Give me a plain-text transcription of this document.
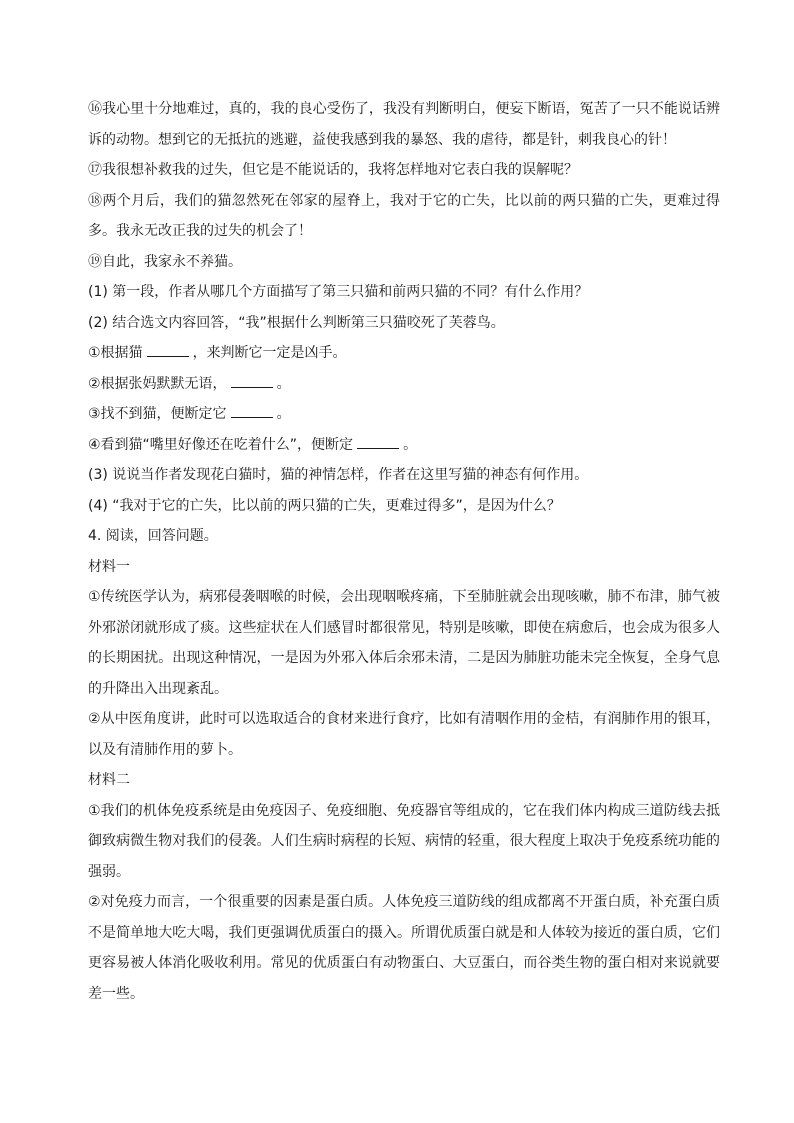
⑯我心里十分地难过，真的，我的良心受伤了，我没有判断明白，便妄下断语，冤苦了一只不能说话辨诉的动物。想到它的无抵抗的逃避，益使我感到我的暴怒、我的虐待，都是针，刺我良心的针！

⑰我很想补救我的过失，但它是不能说话的，我将怎样地对它表白我的误解呢？

⑱两个月后，我们的猫忽然死在邻家的屋脊上，我对于它的亡失，比以前的两只猫的亡失，更难过得多。我永无改正我的过失的机会了！

⑲自此，我家永不养猫。

(1) 第一段，作者从哪几个方面描写了第三只猫和前两只猫的不同？有什么作用？

(2) 结合选文内容回答，“我”根据什么判断第三只猫咬死了芙蓉鸟。

①根据猫	，来判断它一定是凶手。

②根据张妈默默无语，	。

③找不到猫，便断定它	。

④看到猫“嘴里好像还在吃着什么”，便断定	。

(3) 说说当作者发现花白猫时，猫的神情怎样，作者在这里写猫的神态有何作用。

(4) “我对于它的亡失，比以前的两只猫的亡失，更难过得多”，是因为什么？

4. 阅读，回答问题。

材料一

①传统医学认为，病邪侵袭咽喉的时候，会出现咽喉疼痛，下至肺脏就会出现咳嗽，肺不布津，肺气被外邪淤闭就形成了痰。这些症状在人们感冒时都很常见，特别是咳嗽，即使在病愈后，也会成为很多人的长期困扰。出现这种情况，一是因为外邪入体后余邪未清，二是因为肺脏功能未完全恢复，全身气息的升降出入出现紊乱。

②从中医角度讲，此时可以选取适合的食材来进行食疗，比如有清咽作用的金桔，有润肺作用的银耳，以及有清肺作用的萝卜。

材料二

①我们的机体免疫系统是由免疫因子、免疫细胞、免疫器官等组成的，它在我们体内构成三道防线去抵御致病微生物对我们的侵袭。人们生病时病程的长短、病情的轻重，很大程度上取决于免疫系统功能的强弱。

②对免疫力而言，一个很重要的因素是蛋白质。人体免疫三道防线的组成都离不开蛋白质，补充蛋白质不是简单地大吃大喝，我们更强调优质蛋白的摄入。所谓优质蛋白就是和人体较为接近的蛋白质，它们更容易被人体消化吸收利用。常见的优质蛋白有动物蛋白、大豆蛋白，而谷类生物的蛋白相对来说就要差一些。
